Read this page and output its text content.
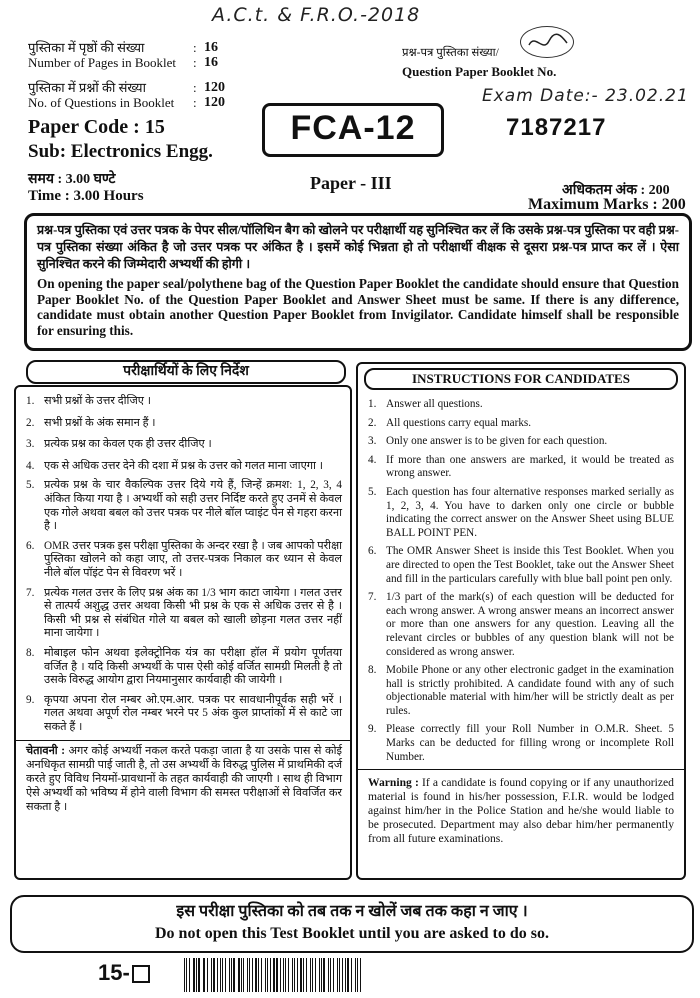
A.C.t. & F.R.O.-2018
पुस्तिका में पृष्ठों की संख्या
Number of Pages in Booklet
:
:
16
16
पुस्तिका में प्रश्नों की संख्या
No. of Questions in Booklet
:
:
120
120
Paper Code : 15
Sub: Electronics Engg.
समय : 3.00 घण्टे
Time : 3.00 Hours
FCA-12
Paper - III
प्रश्न-पत्र पुस्तिका संख्या/
Question Paper Booklet No.
Exam Date:- 23.02.21
7187217
अधिकतम अंक : 200
Maximum Marks : 200

प्रश्न-पत्र पुस्तिका एवं उत्तर पत्रक के पेपर सील/पॉलिथिन बैग को खोलने पर परीक्षार्थी यह सुनिश्चित कर लें कि उसके प्रश्न-पत्र पुस्तिका पर वही प्रश्न-पत्र पुस्तिका संख्या अंकित है जो उत्तर पत्रक पर अंकित है । इसमें कोई भिन्नता हो तो परीक्षार्थी वीक्षक से दूसरा प्रश्न-पत्र प्राप्त कर लें । ऐसा सुनिश्चित करने की जिम्मेदारी अभ्यर्थी की होगी ।

On opening the paper seal/polythene bag of the Question Paper Booklet the candidate should ensure that Question Paper Booklet No. of the Question Paper Booklet and Answer Sheet must be same. If there is any difference, candidate must obtain another Question Paper Booklet from Invigilator. Candidate himself shall be responsible for ensuring this.

परीक्षार्थियों के लिए निर्देश
1. सभी प्रश्नों के उत्तर दीजिए ।
2. सभी प्रश्नों के अंक समान हैं ।
3. प्रत्येक प्रश्न का केवल एक ही उत्तर दीजिए ।
4. एक से अधिक उत्तर देने की दशा में प्रश्न के उत्तर को गलत माना जाएगा ।
5. प्रत्येक प्रश्न के चार वैकल्पिक उत्तर दिये गये हैं, जिन्हें क्रमश: 1, 2, 3, 4 अंकित किया गया है । अभ्यर्थी को सही उत्तर निर्दिष्ट करते हुए उनमें से केवल एक गोले अथवा बबल को उत्तर पत्रक पर नीले बॉल प्वाइंट पेन से गहरा करना है ।
6. OMR उत्तर पत्रक इस परीक्षा पुस्तिका के अन्दर रखा है । जब आपको परीक्षा पुस्तिका खोलने को कहा जाए, तो उत्तर-पत्रक निकाल कर ध्यान से केवल नीले बॉल पॉइंट पेन से विवरण भरें ।
7. प्रत्येक गलत उत्तर के लिए प्रश्न अंक का 1/3 भाग काटा जायेगा । गलत उत्तर से तात्पर्य अशुद्ध उत्तर अथवा किसी भी प्रश्न के एक से अधिक उत्तर से है । किसी भी प्रश्न से संबंधित गोले या बबल को खाली छोड़ना गलत उत्तर नहीं माना जायेगा ।
8. मोबाइल फोन अथवा इलेक्ट्रोनिक यंत्र का परीक्षा हॉल में प्रयोग पूर्णतया वर्जित है । यदि किसी अभ्यर्थी के पास ऐसी कोई वर्जित सामग्री मिलती है तो उसके विरुद्ध आयोग द्वारा नियमानुसार कार्यवाही की जायेगी ।
9. कृपया अपना रोल नम्बर ओ.एम.आर. पत्रक पर सावधानीपूर्वक सही भरें । गलत अथवा अपूर्ण रोल नम्बर भरने पर 5 अंक कुल प्राप्तांकों में से काटे जा सकते हैं ।

चेतावनी : अगर कोई अभ्यर्थी नकल करते पकड़ा जाता है या उसके पास से कोई अनधिकृत सामग्री पाई जाती है, तो उस अभ्यर्थी के विरुद्ध पुलिस में प्राथमिकी दर्ज करते हुए विविध नियमों-प्रावधानों के तहत कार्यवाही की जाएगी । साथ ही विभाग ऐसे अभ्यर्थी को भविष्य में होने वाली विभाग की समस्त परीक्षाओं से विवर्जित कर सकता है ।

INSTRUCTIONS FOR CANDIDATES
1. Answer all questions.
2. All questions carry equal marks.
3. Only one answer is to be given for each question.
4. If more than one answers are marked, it would be treated as wrong answer.
5. Each question has four alternative responses marked serially as 1, 2, 3, 4. You have to darken only one circle or bubble indicating the correct answer on the Answer Sheet using BLUE BALL POINT PEN.
6. The OMR Answer Sheet is inside this Test Booklet. When you are directed to open the Test Booklet, take out the Answer Sheet and fill in the particulars carefully with blue ball point pen only.
7. 1/3 part of the mark(s) of each question will be deducted for each wrong answer. A wrong answer means an incorrect answer or more than one answers for any question. Leaving all the relevant circles or bubbles of any question blank will not be considered as wrong answer.
8. Mobile Phone or any other electronic gadget in the examination hall is strictly prohibited. A candidate found with any of such objectionable material with him/her will be strictly dealt as per rules.
9. Please correctly fill your Roll Number in O.M.R. Sheet. 5 Marks can be deducted for filling wrong or incomplete Roll Number.

Warning : If a candidate is found copying or if any unauthorized material is found in his/her possession, F.I.R. would be lodged against him/her in the Police Station and he/she would liable to be prosecuted. Department may also debar him/her permanently from all future examinations.

इस परीक्षा पुस्तिका को तब तक न खोलें जब तक कहा न जाए ।
Do not open this Test Booklet until you are asked to do so.
15-
